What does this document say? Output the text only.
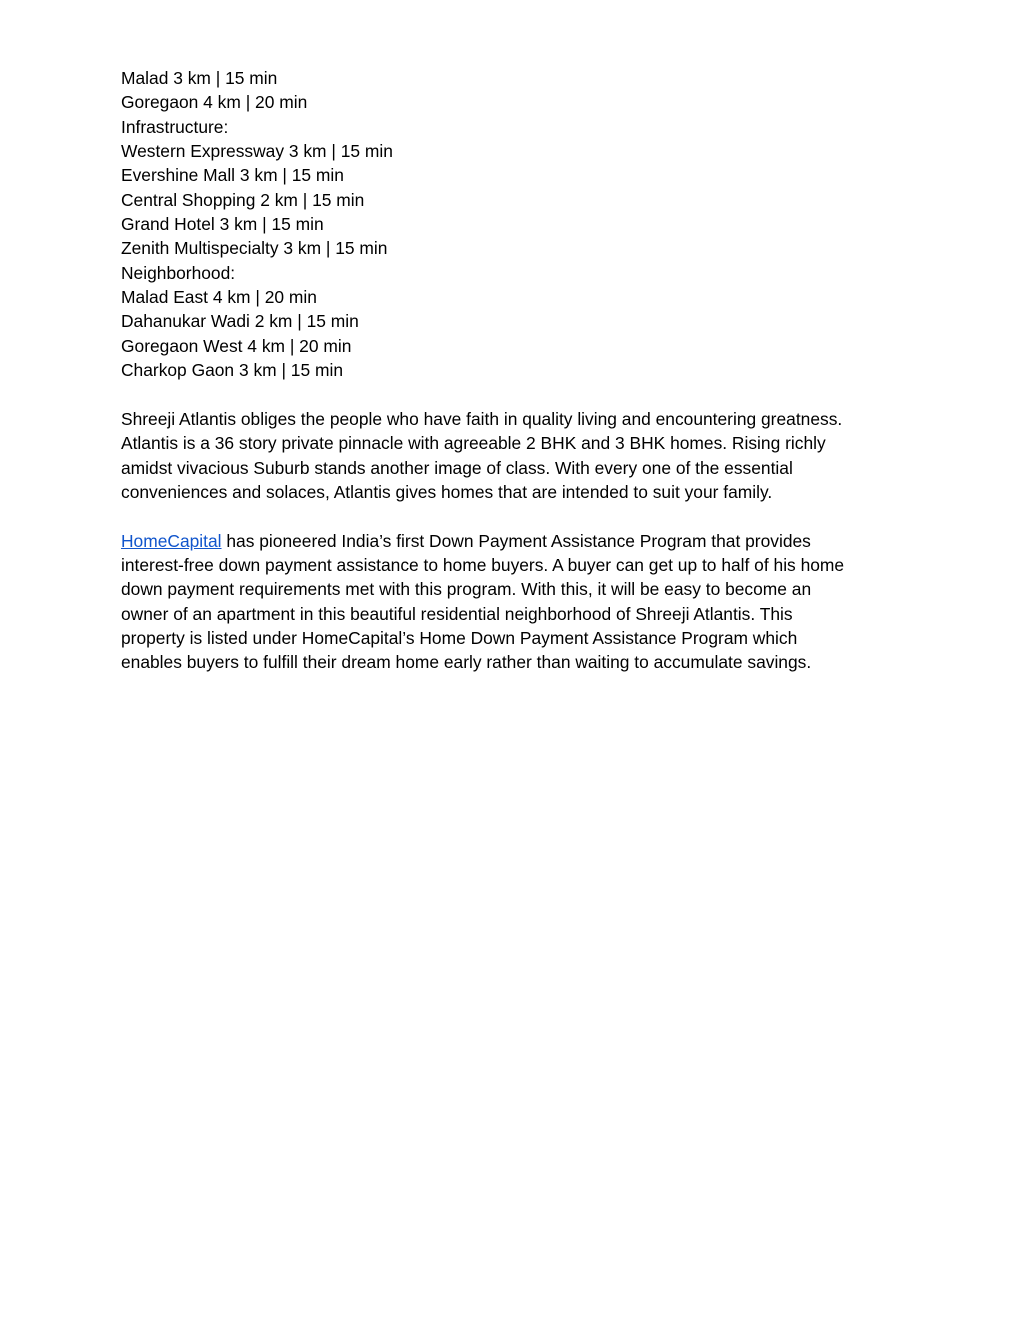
Malad 3 km | 15 min
Goregaon 4 km | 20 min
Infrastructure:
Western Expressway 3 km | 15 min
Evershine Mall 3 km | 15 min
Central Shopping 2 km | 15 min
Grand Hotel 3 km | 15 min
Zenith Multispecialty 3 km | 15 min
Neighborhood:
Malad East 4 km | 20 min
Dahanukar Wadi 2 km | 15 min
Goregaon West 4 km | 20 min
Charkop Gaon 3 km | 15 min
Shreeji Atlantis obliges the people who have faith in quality living and encountering greatness.
Atlantis is a 36 story private pinnacle with agreeable 2 BHK and 3 BHK homes. Rising richly
amidst vivacious Suburb stands another image of class. With every one of the essential
conveniences and solaces, Atlantis gives homes that are intended to suit your family.
HomeCapital has pioneered India’s first Down Payment Assistance Program that provides
interest-free down payment assistance to home buyers. A buyer can get up to half of his home
down payment requirements met with this program. With this, it will be easy to become an
owner of an apartment in this beautiful residential neighborhood of Shreeji Atlantis. This
property is listed under HomeCapital’s Home Down Payment Assistance Program which
enables buyers to fulfill their dream home early rather than waiting to accumulate savings.
